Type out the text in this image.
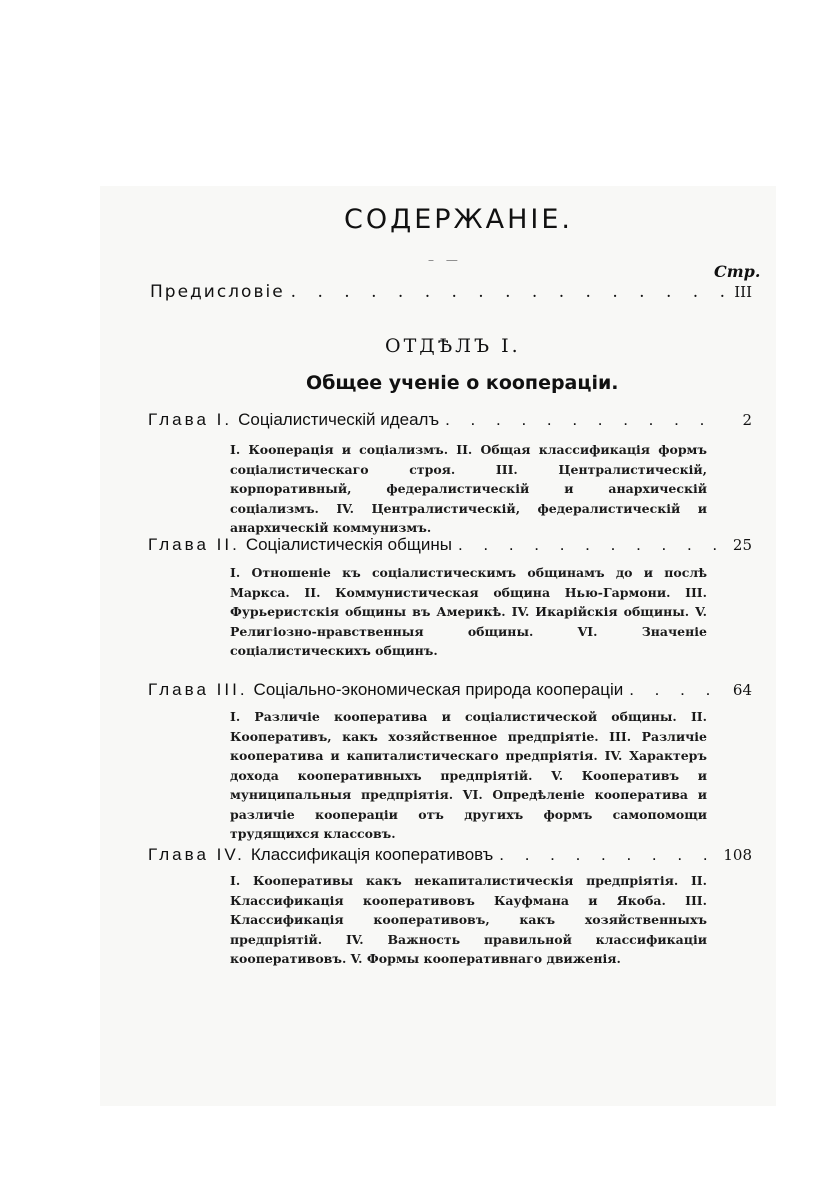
СОДЕРЖАНІЕ.
– —
Стр.
Предисловіе . . .	III
ОТДѢЛЪ I.
Общее ученіе о коопераціи.
Глава I. Соціалистическій идеалъ . . .	2
I. Кооперація и соціализмъ. II. Общая классификація формъ соціалистическаго строя. III. Централистическій, корпоративный, федералистическій и анархическій соціализмъ. IV. Централистическій, федералистическій и анархическій коммунизмъ.
Глава II. Соціалистическія общины . . .	25
I. Отношеніе къ соціалистическимъ общинамъ до и послѣ Маркса. II. Коммунистическая община Нью-Гармони. III. Фурьеристскія общины въ Америкѣ. IV. Икарійскія общины. V. Религіозно-нравственныя общины. VI. Значеніе соціалистическихъ общинъ.
Глава III. Соціально-экономическая природа коопераціи . . .	64
I. Различіе кооператива и соціалистической общины. II. Кооперативъ, какъ хозяйственное предпріятіе. III. Различіе кооператива и капиталистическаго предпріятія. IV. Характеръ дохода кооперативныхъ предпріятій. V. Кооперативъ и муниципальныя предпріятія. VI. Опредѣленіе кооператива и различіе коопераціи отъ другихъ формъ самопомощи трудящихся классовъ.
Глава IV. Классификація кооперативовъ . . .	108
I. Кооперативы какъ некапиталистическія предпріятія. II. Классификація кооперативовъ Кауфмана и Якоба. III. Классификація кооперативовъ, какъ хозяйственныхъ предпріятій. IV. Важность правильной классификаціи кооперативовъ. V. Формы кооперативнаго движенія.
